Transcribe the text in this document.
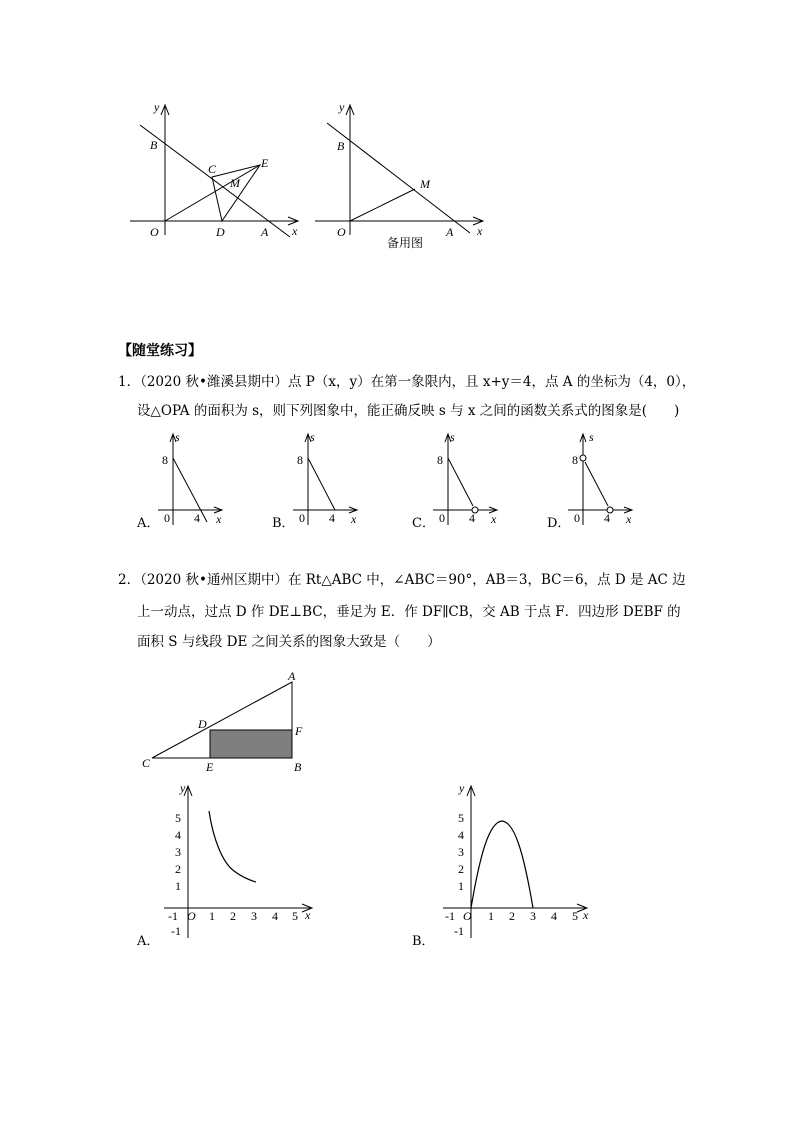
y
x
B
C	E
M
O	D	A
y
x
B
M
O	A
备用图
【随堂练习】
1．（2020 秋•潍溪县期中）点 P（x，y）在第一象限内，且 x+y＝4，点 A 的坐标为（4，0），
设△OPA 的面积为 s，则下列图象中，能正确反映 s 与 x 之间的函数关系式的图象是(　　)
A．
s
8
0 4 x	B．
s
8
0 4 x	C．
s
8
0 4 x	D．
s
8
0 4 x
2．（2020 秋•通州区期中）在 Rt△ABC 中，∠ABC＝90°，AB＝3，BC＝6，点 D 是 AC 边
上一动点，过点 D 作 DE⊥BC，垂足为 E．作 DF∥CB，交 AB 于点 F．四边形 DEBF 的
面积 S 与线段 DE 之间关系的图象大致是（　　）
A
D	F
C	E	B
A．
y
5
4
3
2
1
-1
-1 O 1 2 3 4 5 x
B．
y
5
4
3
2
1
-1
-1 O 1 2 3 4 5 x
